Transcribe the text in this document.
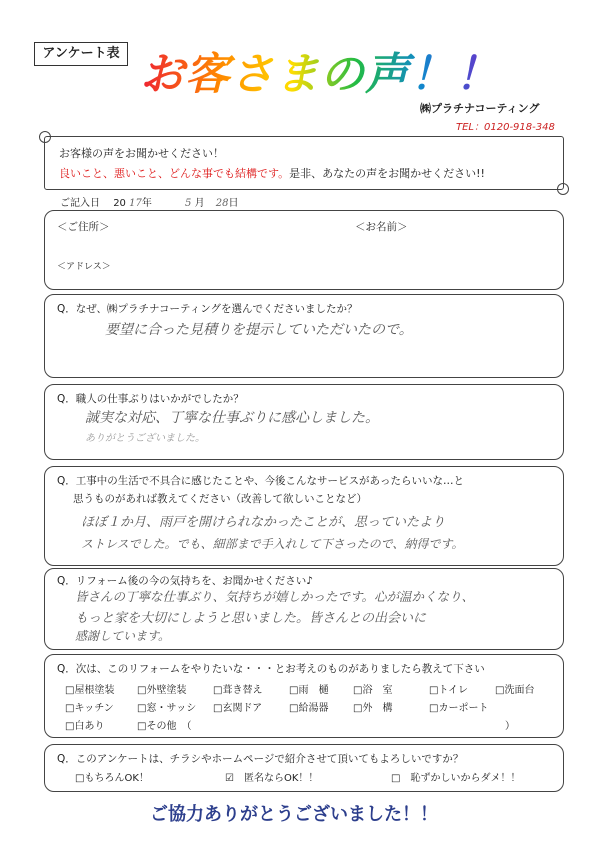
アンケート表 お客さまの声！！
㈱プラチナコーティング
TEL：0120-918-348
お客様の声をお聞かせください！
良いこと、悪いこと、どんな事でも結構です。是非、あなたの声をお聞かせください!!
ご記入日 20 17年	5 月 28日
＜ご住所＞	＜お名前＞
＜アドレス＞
Q．なぜ、㈱プラチナコーティングを選んでくださいましたか？
要望に合った見積りを提示していただいたので。
Q．職人の仕事ぶりはいかがでしたか？
誠実な対応、丁寧な仕事ぶりに感心しました。
ありがとうございました。
Q．工事中の生活で不具合に感じたことや、今後こんなサービスがあったらいいな…と
思うものがあれば教えてください（改善して欲しいことなど）
ほぼ１か月、雨戸を開けられなかったことが、思っていたより
ストレスでした。でも、細部まで手入れして下さったので、納得です。
Q．リフォーム後の今の気持ちを、お聞かせください♪
皆さんの丁寧な仕事ぶり、気持ちが嬉しかったです。心が温かくなり、
もっと家を大切にしようと思いました。皆さんとの出会いに
感謝しています。
Q．次は、このリフォームをやりたいな・・・とお考えのものがありましたら教えて下さい
□屋根塗装 □外壁塗装	□葺き替え	□雨　樋 □浴　室	□トイレ	□洗面台
□キッチン □窓・サッシ □玄関ドア	□給湯器 □外　構	□カーポート
□白あり	□その他　（	）
Q．このアンケートは、チラシやホームページで紹介させて頂いてもよろしいですか？
□もちろんOK！	☑　匿名ならOK！！	□　恥ずかしいからダメ！！
ご協力ありがとうございました！！
